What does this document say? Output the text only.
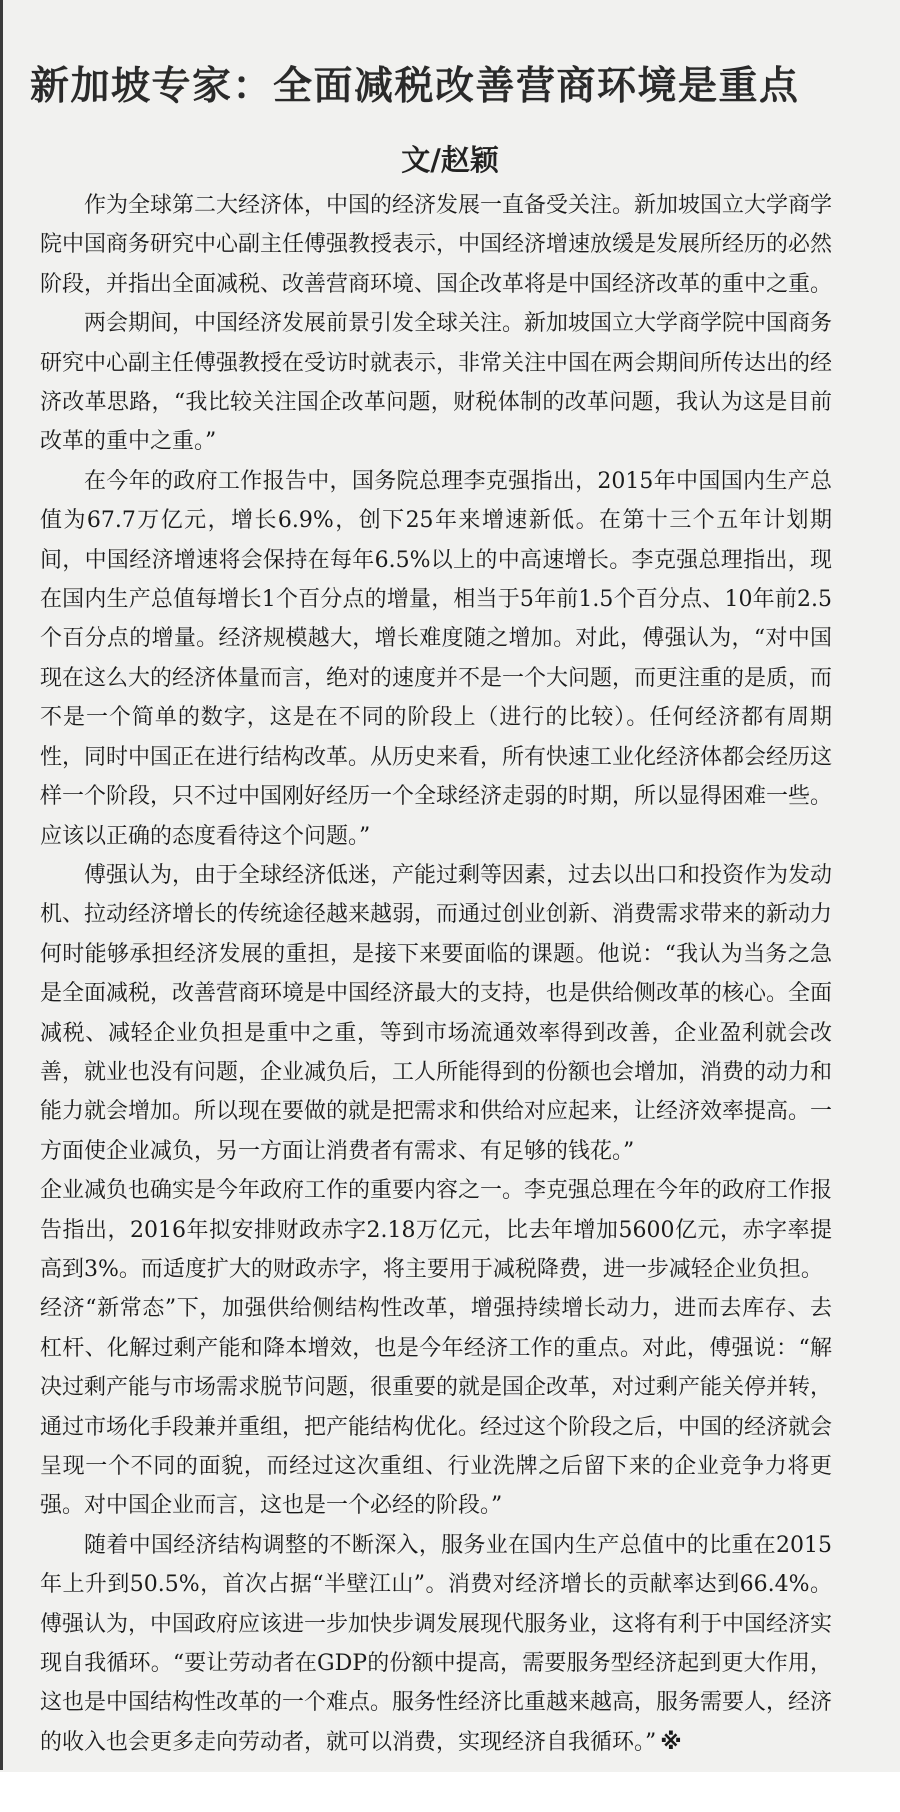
新加坡专家：全面减税改善营商环境是重点
文/赵颖

作为全球第二大经济体，中国的经济发展一直备受关注。新加坡国立大学商学院中国商务研究中心副主任傅强教授表示，中国经济增速放缓是发展所经历的必然阶段，并指出全面减税、改善营商环境、国企改革将是中国经济改革的重中之重。

两会期间，中国经济发展前景引发全球关注。新加坡国立大学商学院中国商务研究中心副主任傅强教授在受访时就表示，非常关注中国在两会期间所传达出的经济改革思路，“我比较关注国企改革问题，财税体制的改革问题，我认为这是目前改革的重中之重。”

在今年的政府工作报告中，国务院总理李克强指出，2015年中国国内生产总值为67.7万亿元，增长6.9%，创下25年来增速新低。在第十三个五年计划期间，中国经济增速将会保持在每年6.5%以上的中高速增长。李克强总理指出，现在国内生产总值每增长1个百分点的增量，相当于5年前1.5个百分点、10年前2.5个百分点的增量。经济规模越大，增长难度随之增加。对此，傅强认为，“对中国现在这么大的经济体量而言，绝对的速度并不是一个大问题，而更注重的是质，而不是一个简单的数字，这是在不同的阶段上（进行的比较）。任何经济都有周期性，同时中国正在进行结构改革。从历史来看，所有快速工业化经济体都会经历这样一个阶段，只不过中国刚好经历一个全球经济走弱的时期，所以显得困难一些。应该以正确的态度看待这个问题。”

傅强认为，由于全球经济低迷，产能过剩等因素，过去以出口和投资作为发动机、拉动经济增长的传统途径越来越弱，而通过创业创新、消费需求带来的新动力何时能够承担经济发展的重担，是接下来要面临的课题。他说：“我认为当务之急是全面减税，改善营商环境是中国经济最大的支持，也是供给侧改革的核心。全面减税、减轻企业负担是重中之重，等到市场流通效率得到改善，企业盈利就会改善，就业也没有问题，企业减负后，工人所能得到的份额也会增加，消费的动力和能力就会增加。所以现在要做的就是把需求和供给对应起来，让经济效率提高。一方面使企业减负，另一方面让消费者有需求、有足够的钱花。”

企业减负也确实是今年政府工作的重要内容之一。李克强总理在今年的政府工作报告指出，2016年拟安排财政赤字2.18万亿元，比去年增加5600亿元，赤字率提高到3%。而适度扩大的财政赤字，将主要用于减税降费，进一步减轻企业负担。

经济“新常态”下，加强供给侧结构性改革，增强持续增长动力，进而去库存、去杠杆、化解过剩产能和降本增效，也是今年经济工作的重点。对此，傅强说：“解决过剩产能与市场需求脱节问题，很重要的就是国企改革，对过剩产能关停并转，通过市场化手段兼并重组，把产能结构优化。经过这个阶段之后，中国的经济就会呈现一个不同的面貌，而经过这次重组、行业洗牌之后留下来的企业竞争力将更强。对中国企业而言，这也是一个必经的阶段。”

随着中国经济结构调整的不断深入，服务业在国内生产总值中的比重在2015年上升到50.5%，首次占据“半壁江山”。消费对经济增长的贡献率达到66.4%。傅强认为，中国政府应该进一步加快步调发展现代服务业，这将有利于中国经济实现自我循环。“要让劳动者在GDP的份额中提高，需要服务型经济起到更大作用，这也是中国结构性改革的一个难点。服务性经济比重越来越高，服务需要人，经济的收入也会更多走向劳动者，就可以消费，实现经济自我循环。” ※
